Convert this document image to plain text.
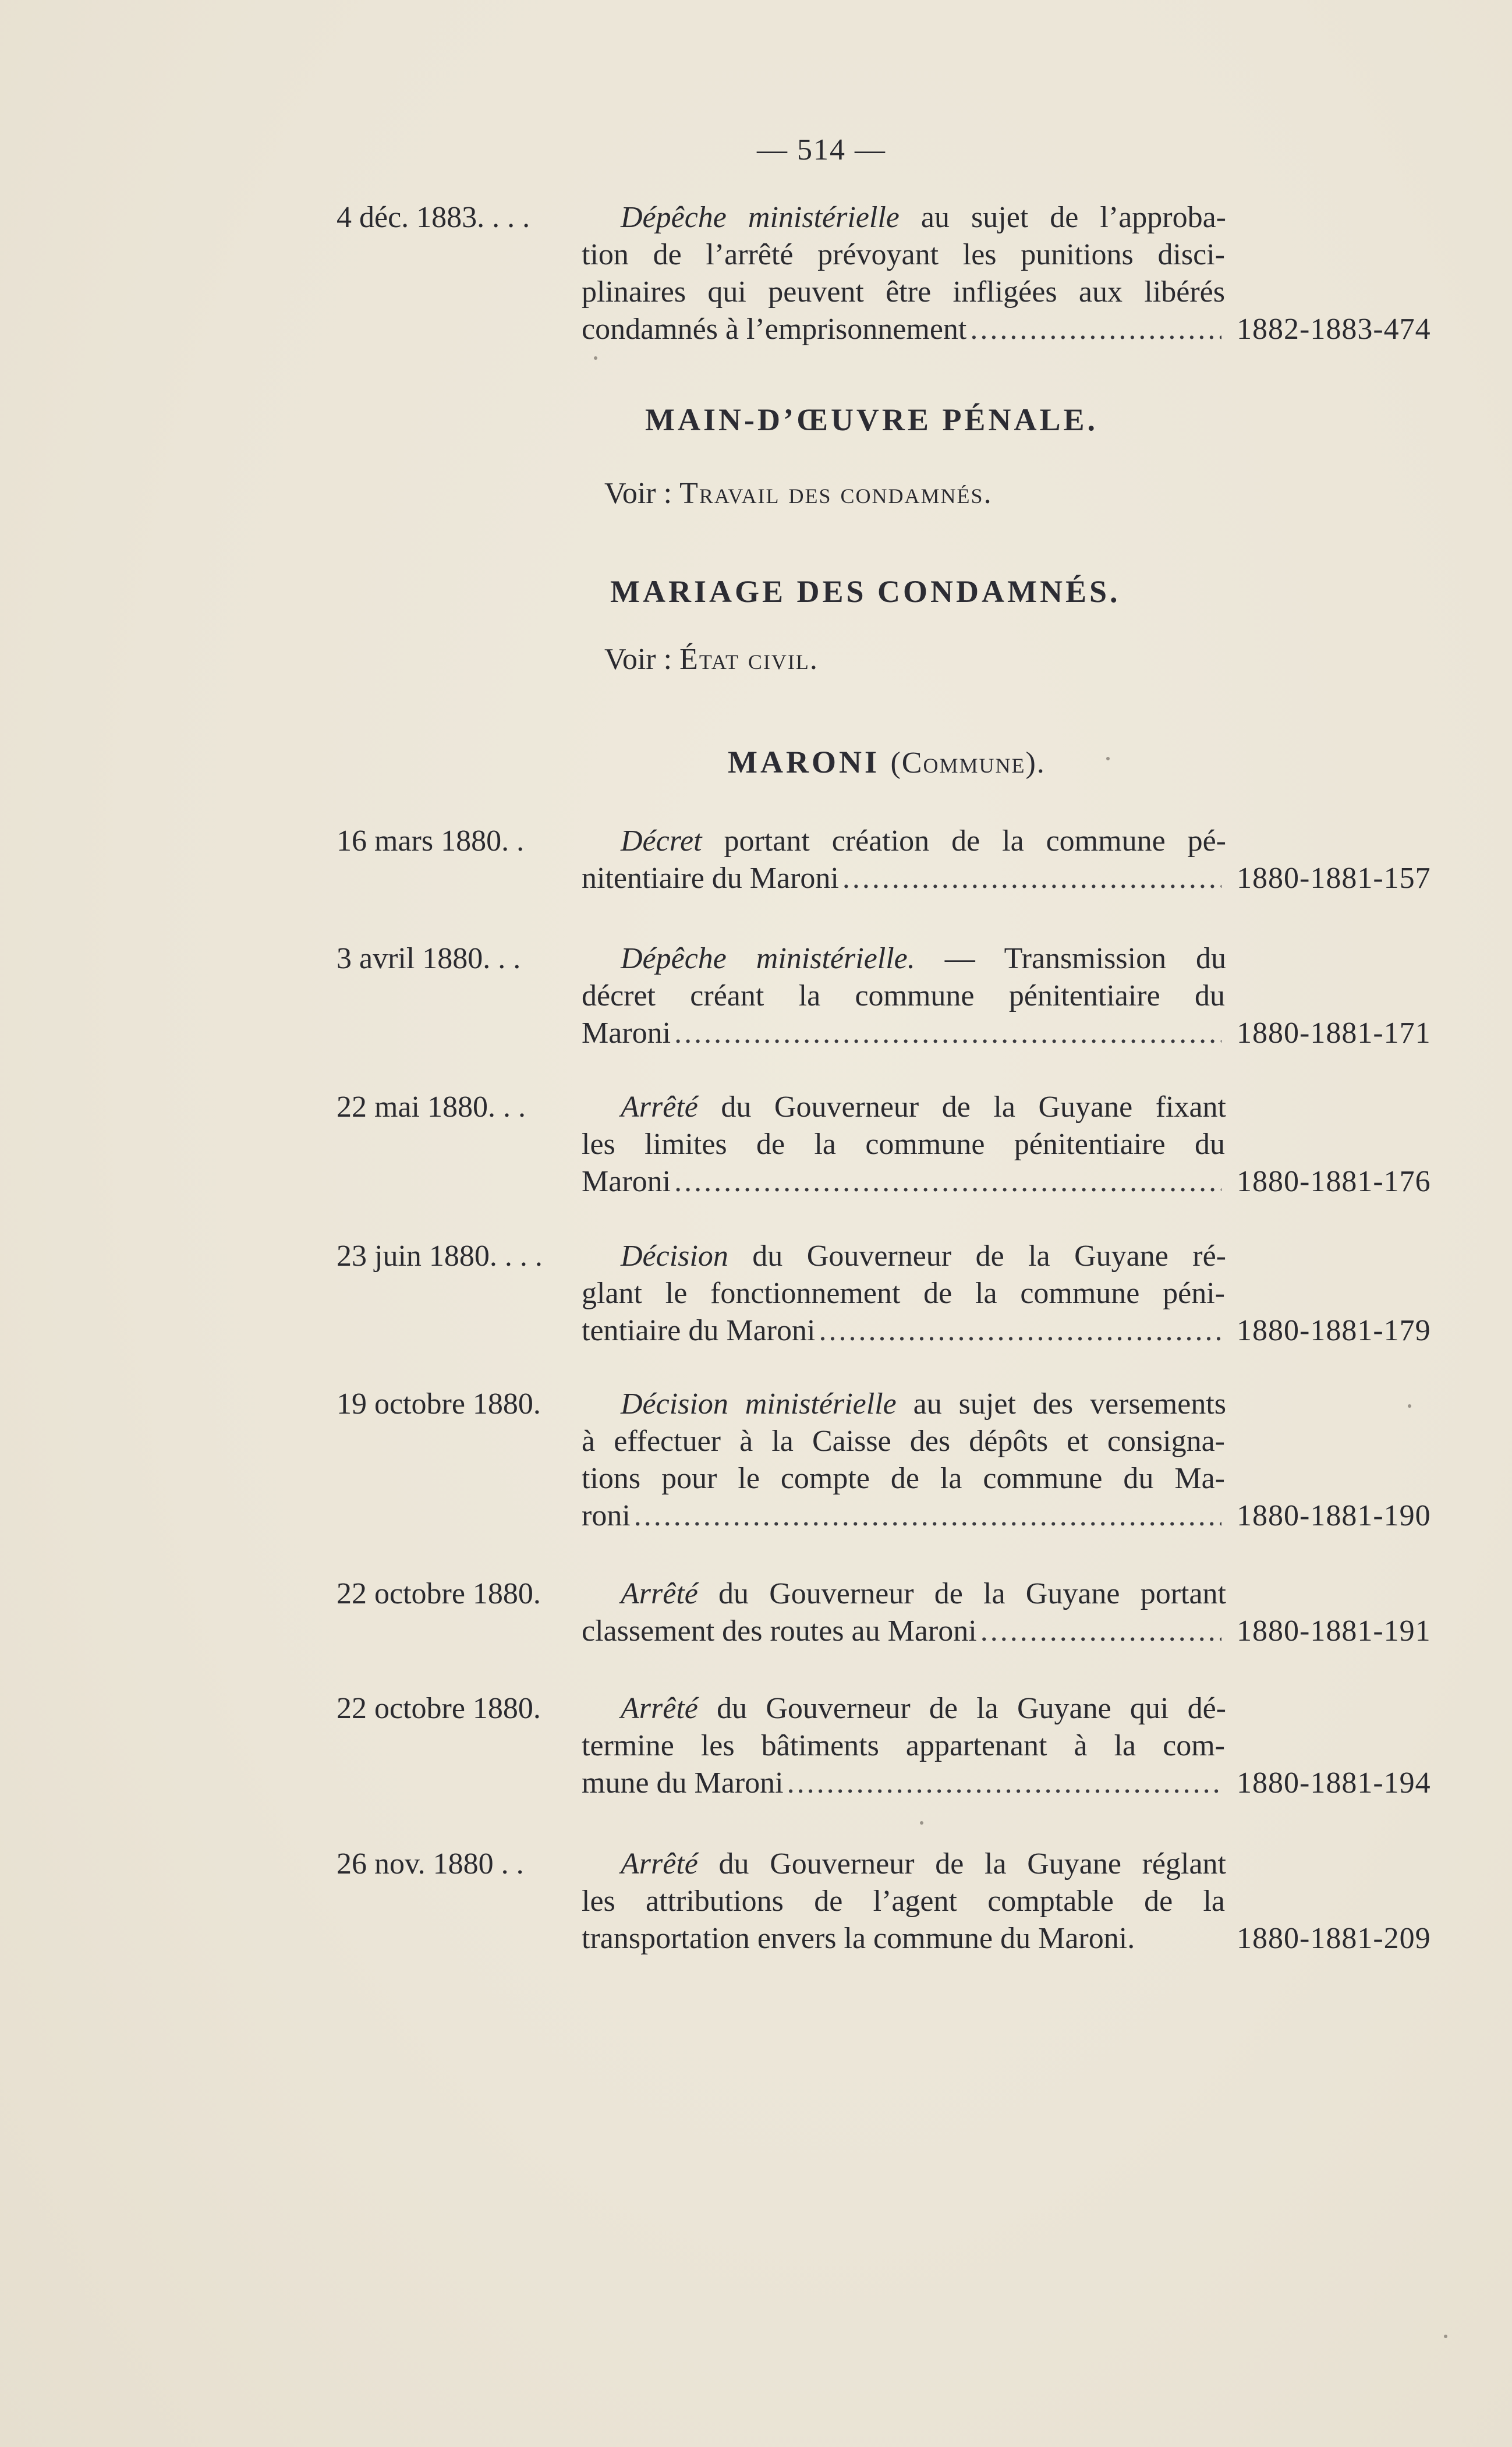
— 514 —
4 déc. 1883. . . .	Dépêche ministérielle au sujet de l’approba-
tion de l’arrêté prévoyant les punitions disci-
plinaires qui peuvent être infligées aux libérés
condamnés à l’emprisonnement .....	1882-1883-474
MAIN-D’ŒUVRE PÉNALE.
Voir : Travail des condamnés.
MARIAGE DES CONDAMNÉS.
Voir : État civil.
MARONI (Commune).
16 mars 1880. .	Décret portant création de la commune pé-
nitentiaire du Maroni .....	1880-1881-157
3 avril 1880. . .	Dépêche ministérielle. — Transmission du
décret créant la commune pénitentiaire du
Maroni .....	1880-1881-171
22 mai 1880. . .	Arrêté du Gouverneur de la Guyane fixant
les limites de la commune pénitentiaire du
Maroni .....	1880-1881-176
23 juin 1880. . . .	Décision du Gouverneur de la Guyane ré-
glant le fonctionnement de la commune péni-
tentiaire du Maroni .....	1880-1881-179
19 octobre 1880.	Décision ministérielle au sujet des versements
à effectuer à la Caisse des dépôts et consigna-
tions pour le compte de la commune du Ma-
roni .....	1880-1881-190
22 octobre 1880.	Arrêté du Gouverneur de la Guyane portant
classement des routes au Maroni .....	1880-1881-191
22 octobre 1880.	Arrêté du Gouverneur de la Guyane qui dé-
termine les bâtiments appartenant à la com-
mune du Maroni .....	1880-1881-194
26 nov. 1880 . .	Arrêté du Gouverneur de la Guyane réglant
les attributions de l’agent comptable de la
transportation envers la commune du Maroni.	1880-1881-209
